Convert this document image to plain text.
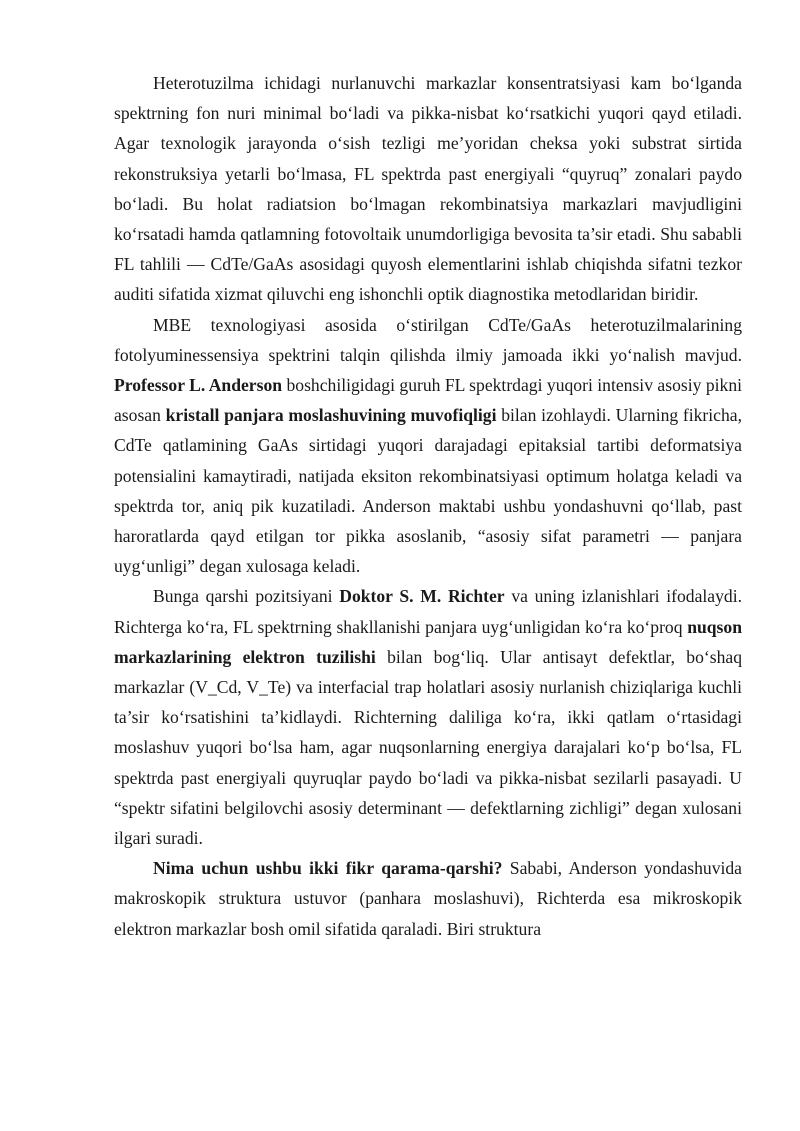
Heterotuzilma ichidagi nurlanuvchi markazlar konsentratsiyasi kam bo‘lganda spektrning fon nuri minimal bo‘ladi va pikka-nisbat ko‘rsatkichi yuqori qayd etiladi. Agar texnologik jarayonda o‘sish tezligi me’yoridan cheksa yoki substrat sirtida rekonstruksiya yetarli bo‘lmasa, FL spektrda past energiyali “quyruq” zonalari paydo bo‘ladi. Bu holat radiatsion bo‘lmagan rekombinatsiya markazlari mavjudligini ko‘rsatadi hamda qatlamning fotovoltaik unumdorligiga bevosita ta’sir etadi. Shu sababli FL tahlili — CdTe/GaAs asosidagi quyosh elementlarini ishlab chiqishda sifatni tezkor auditi sifatida xizmat qiluvchi eng ishonchli optik diagnostika metodlaridan biridir.

MBE texnologiyasi asosida o‘stirilgan CdTe/GaAs heterotuzilmalarining fotolyuminessensiya spektrini talqin qilishda ilmiy jamoada ikki yo‘nalish mavjud. Professor L. Anderson boshchiligidagi guruh FL spektrdagi yuqori intensiv asosiy pikni asosan kristall panjara moslashuvining muvofiqligi bilan izohlaydi. Ularning fikricha, CdTe qatlamining GaAs sirtidagi yuqori darajadagi epitaksial tartibi deformatsiya potensialini kamaytiradi, natijada eksiton rekombinatsiyasi optimum holatga keladi va spektrda tor, aniq pik kuzatiladi. Anderson maktabi ushbu yondashuvni qo‘llab, past haroratlarda qayd etilgan tor pikka asoslanib, “asosiy sifat parametri — panjara uyg‘unligi” degan xulosaga keladi.

Bunga qarshi pozitsiyani Doktor S. M. Richter va uning izlanishlari ifodalaydi. Richterga ko‘ra, FL spektrning shakllanishi panjara uyg‘unligidan ko‘ra ko‘proq nuqson markazlarining elektron tuzilishi bilan bog‘liq. Ular antisayt defektlar, bo‘shaq markazlar (V_Cd, V_Te) va interfacial trap holatlari asosiy nurlanish chiziqlariga kuchli ta’sir ko‘rsatishini ta’kidlaydi. Richterning daliliga ko‘ra, ikki qatlam o‘rtasidagi moslashuv yuqori bo‘lsa ham, agar nuqsonlarning energiya darajalari ko‘p bo‘lsa, FL spektrda past energiyali quyruqlar paydo bo‘ladi va pikka-nisbat sezilarli pasayadi. U “spektr sifatini belgilovchi asosiy determinant — defektlarning zichligi” degan xulosani ilgari suradi.

Nima uchun ushbu ikki fikr qarama-qarshi? Sababi, Anderson yondashuvida makroskopik struktura ustuvor (panhara moslashuvi), Richterda esa mikroskopik elektron markazlar bosh omil sifatida qaraladi. Biri struktura
